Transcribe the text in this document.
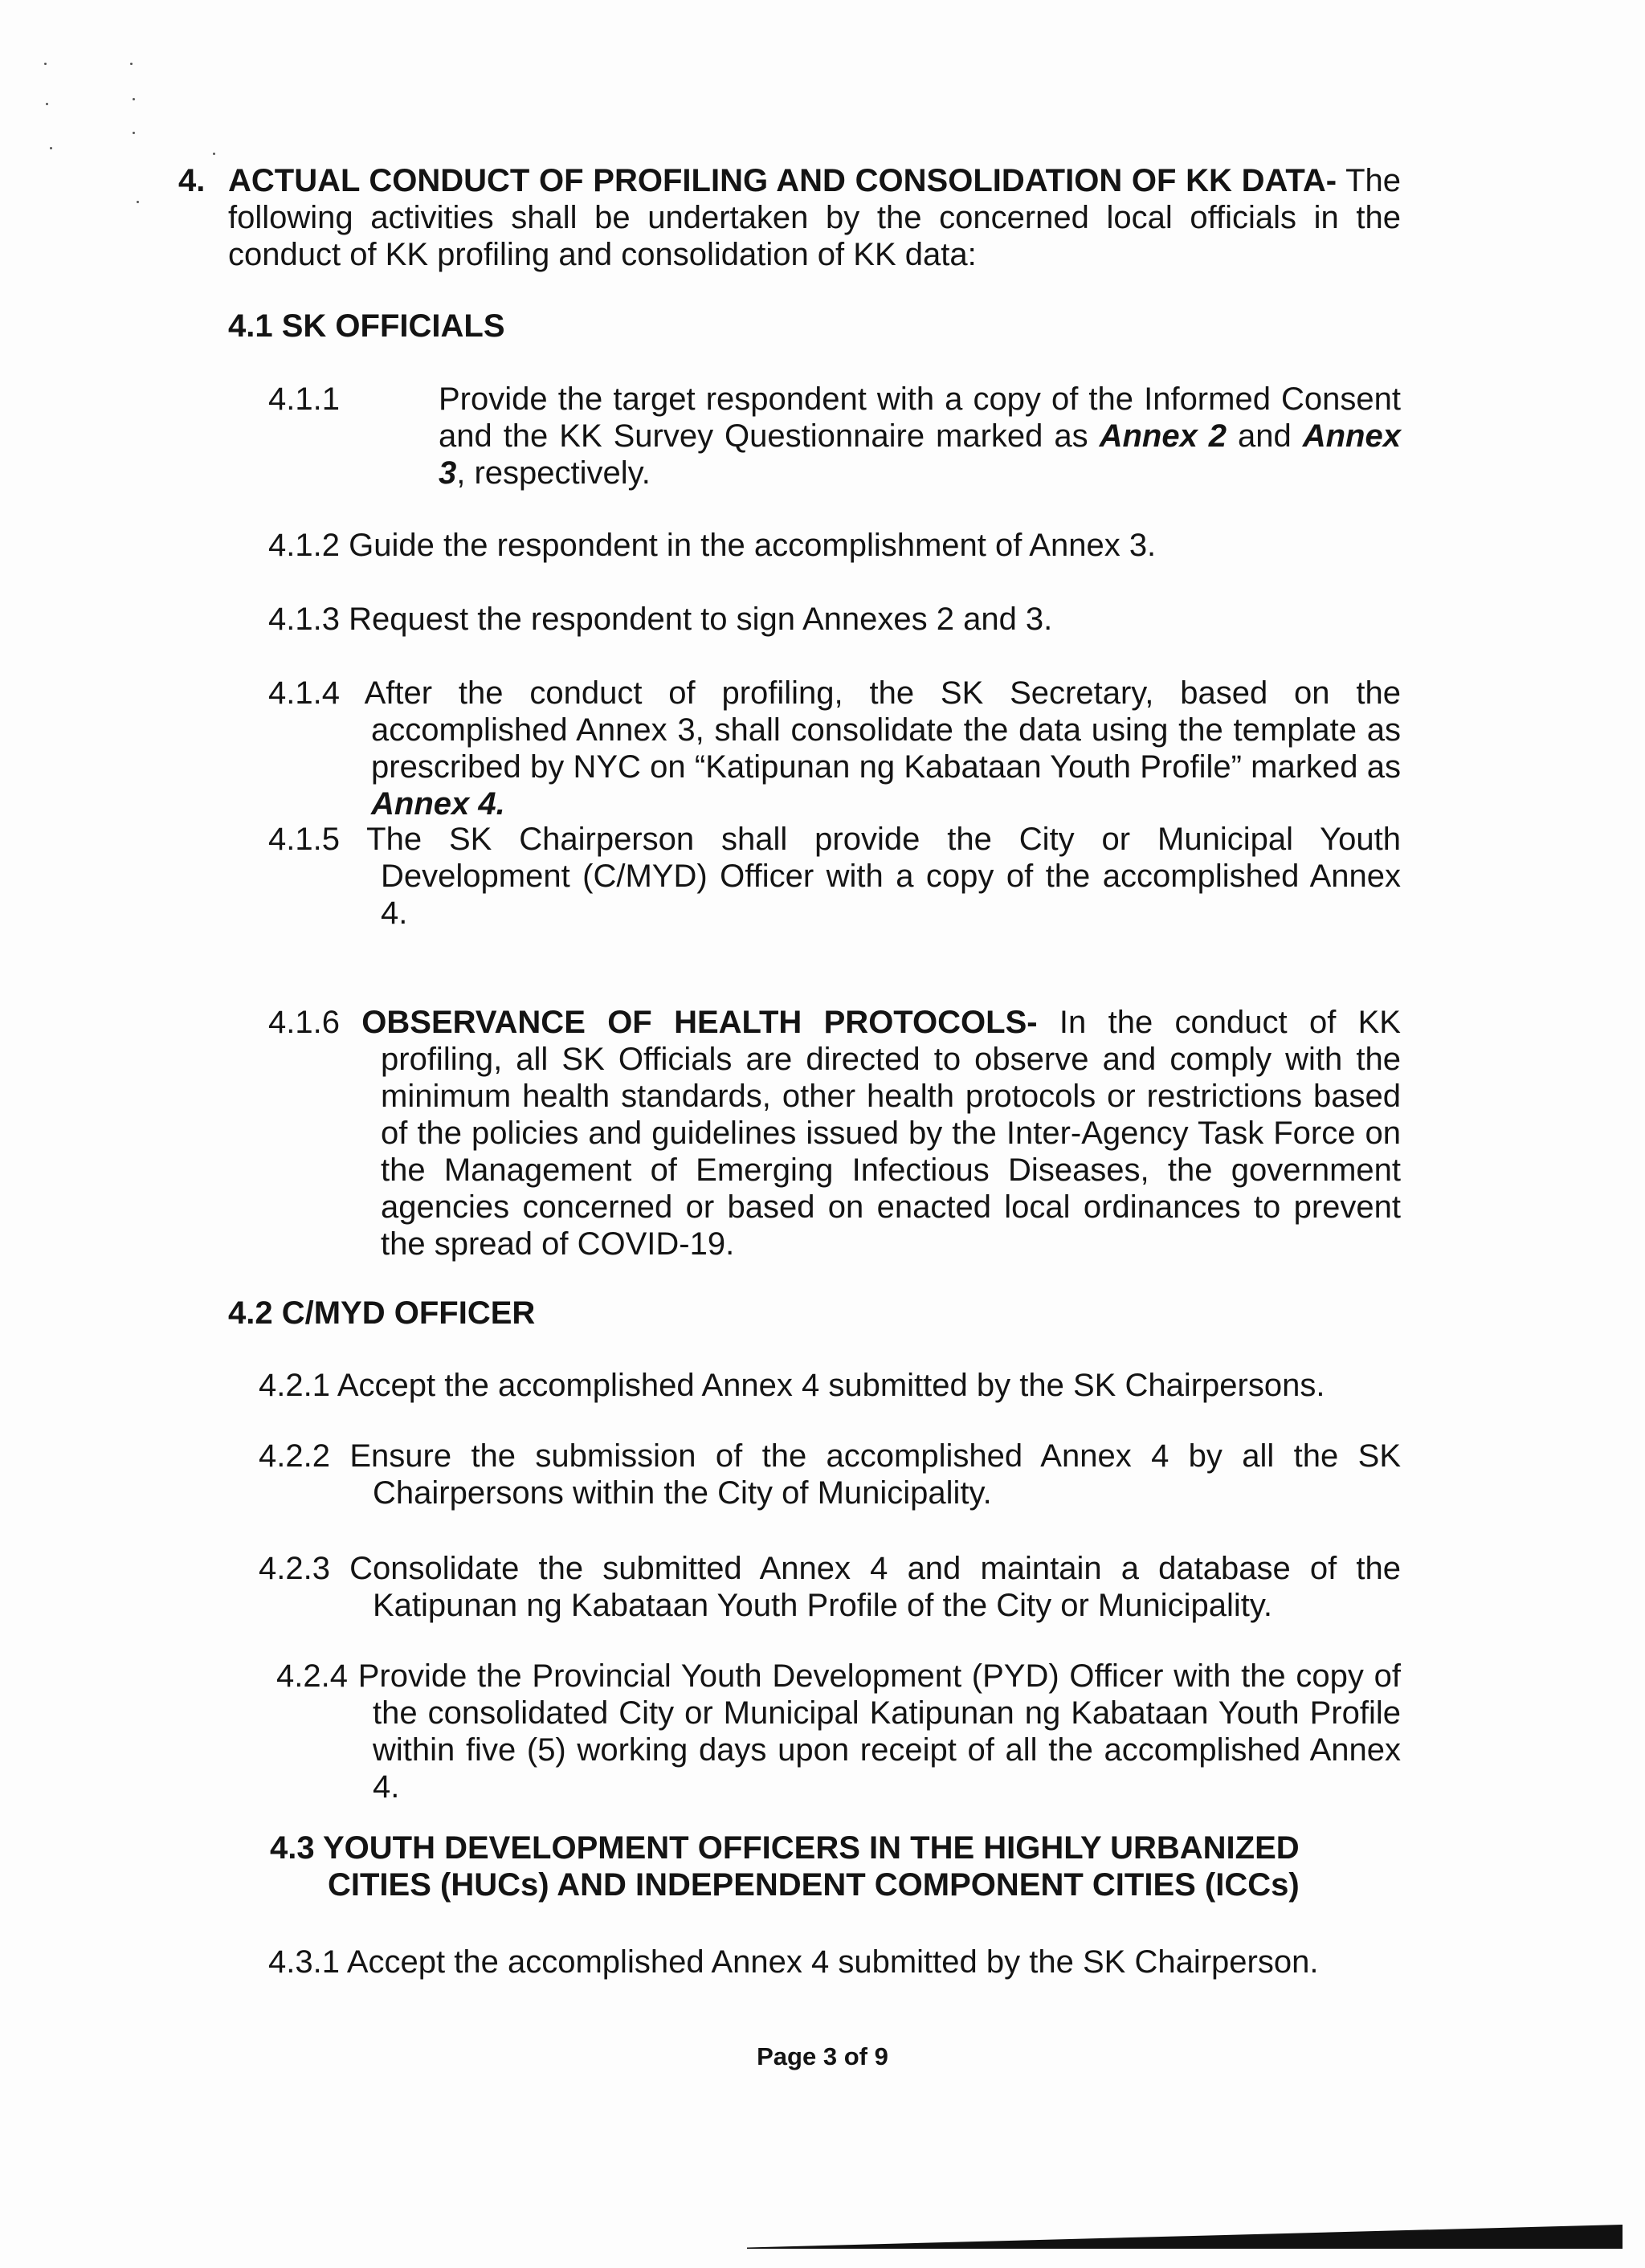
4. ACTUAL CONDUCT OF PROFILING AND CONSOLIDATION OF KK DATA- The following activities shall be undertaken by the concerned local officials in the conduct of KK profiling and consolidation of KK data:
4.1 SK OFFICIALS
4.1.1	Provide the target respondent with a copy of the Informed Consent and the KK Survey Questionnaire marked as Annex 2 and Annex 3, respectively.
4.1.2 Guide the respondent in the accomplishment of Annex 3.
4.1.3 Request the respondent to sign Annexes 2 and 3.
4.1.4 After the conduct of profiling, the SK Secretary, based on the accomplished Annex 3, shall consolidate the data using the template as prescribed by NYC on “Katipunan ng Kabataan Youth Profile” marked as Annex 4.
4.1.5 The SK Chairperson shall provide the City or Municipal Youth Development (C/MYD) Officer with a copy of the accomplished Annex 4.
4.1.6 OBSERVANCE OF HEALTH PROTOCOLS- In the conduct of KK profiling, all SK Officials are directed to observe and comply with the minimum health standards, other health protocols or restrictions based of the policies and guidelines issued by the Inter-Agency Task Force on the Management of Emerging Infectious Diseases, the government agencies concerned or based on enacted local ordinances to prevent the spread of COVID-19.
4.2 C/MYD OFFICER
4.2.1 Accept the accomplished Annex 4 submitted by the SK Chairpersons.
4.2.2 Ensure the submission of the accomplished Annex 4 by all the SK Chairpersons within the City of Municipality.
4.2.3 Consolidate the submitted Annex 4 and maintain a database of the Katipunan ng Kabataan Youth Profile of the City or Municipality.
4.2.4 Provide the Provincial Youth Development (PYD) Officer with the copy of the consolidated City or Municipal Katipunan ng Kabataan Youth Profile within five (5) working days upon receipt of all the accomplished Annex 4.
4.3 YOUTH DEVELOPMENT OFFICERS IN THE HIGHLY URBANIZED CITIES (HUCs) AND INDEPENDENT COMPONENT CITIES (ICCs)
4.3.1 Accept the accomplished Annex 4 submitted by the SK Chairperson.
Page 3 of 9
